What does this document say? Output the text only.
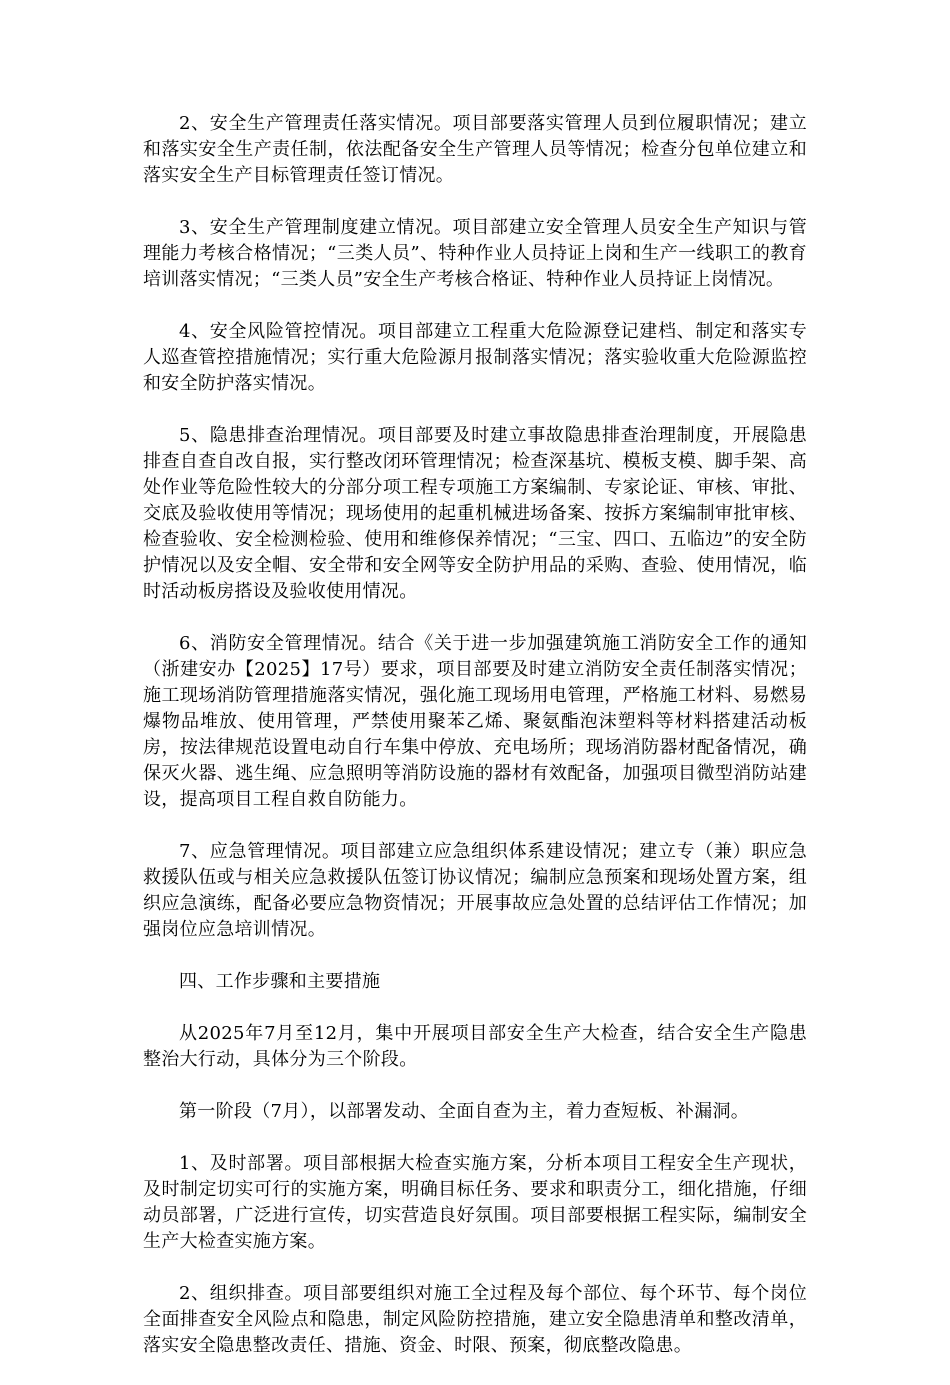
2、安全生产管理责任落实情况。项目部要落实管理人员到位履职情况；建立和落实安全生产责任制，依法配备安全生产管理人员等情况；检查分包单位建立和落实安全生产目标管理责任签订情况。

3、安全生产管理制度建立情况。项目部建立安全管理人员安全生产知识与管理能力考核合格情况；“三类人员”、特种作业人员持证上岗和生产一线职工的教育培训落实情况；“三类人员”安全生产考核合格证、特种作业人员持证上岗情况。

4、安全风险管控情况。项目部建立工程重大危险源登记建档、制定和落实专人巡查管控措施情况；实行重大危险源月报制落实情况；落实验收重大危险源监控和安全防护落实情况。

5、隐患排查治理情况。项目部要及时建立事故隐患排查治理制度，开展隐患排查自查自改自报，实行整改闭环管理情况；检查深基坑、模板支模、脚手架、高处作业等危险性较大的分部分项工程专项施工方案编制、专家论证、审核、审批、交底及验收使用等情况；现场使用的起重机械进场备案、按拆方案编制审批审核、检查验收、安全检测检验、使用和维修保养情况；“三宝、四口、五临边”的安全防护情况以及安全帽、安全带和安全网等安全防护用品的采购、查验、使用情况，临时活动板房搭设及验收使用情况。

6、消防安全管理情况。结合《关于进一步加强建筑施工消防安全工作的通知（浙建安办【2025】17号）要求，项目部要及时建立消防安全责任制落实情况；施工现场消防管理措施落实情况，强化施工现场用电管理，严格施工材料、易燃易爆物品堆放、使用管理，严禁使用聚苯乙烯、聚氨酯泡沫塑料等材料搭建活动板房，按法律规范设置电动自行车集中停放、充电场所；现场消防器材配备情况，确保灭火器、逃生绳、应急照明等消防设施的器材有效配备，加强项目微型消防站建设，提高项目工程自救自防能力。

7、应急管理情况。项目部建立应急组织体系建设情况；建立专（兼）职应急救援队伍或与相关应急救援队伍签订协议情况；编制应急预案和现场处置方案，组织应急演练，配备必要应急物资情况；开展事故应急处置的总结评估工作情况；加强岗位应急培训情况。

四、工作步骤和主要措施

从2025年7月至12月，集中开展项目部安全生产大检查，结合安全生产隐患整治大行动，具体分为三个阶段。

第一阶段（7月），以部署发动、全面自查为主，着力查短板、补漏洞。

1、及时部署。项目部根据大检查实施方案，分析本项目工程安全生产现状，及时制定切实可行的实施方案，明确目标任务、要求和职责分工，细化措施，仔细动员部署，广泛进行宣传，切实营造良好氛围。项目部要根据工程实际，编制安全生产大检查实施方案。

2、组织排查。项目部要组织对施工全过程及每个部位、每个环节、每个岗位全面排查安全风险点和隐患，制定风险防控措施，建立安全隐患清单和整改清单，落实安全隐患整改责任、措施、资金、时限、预案，彻底整改隐患。
